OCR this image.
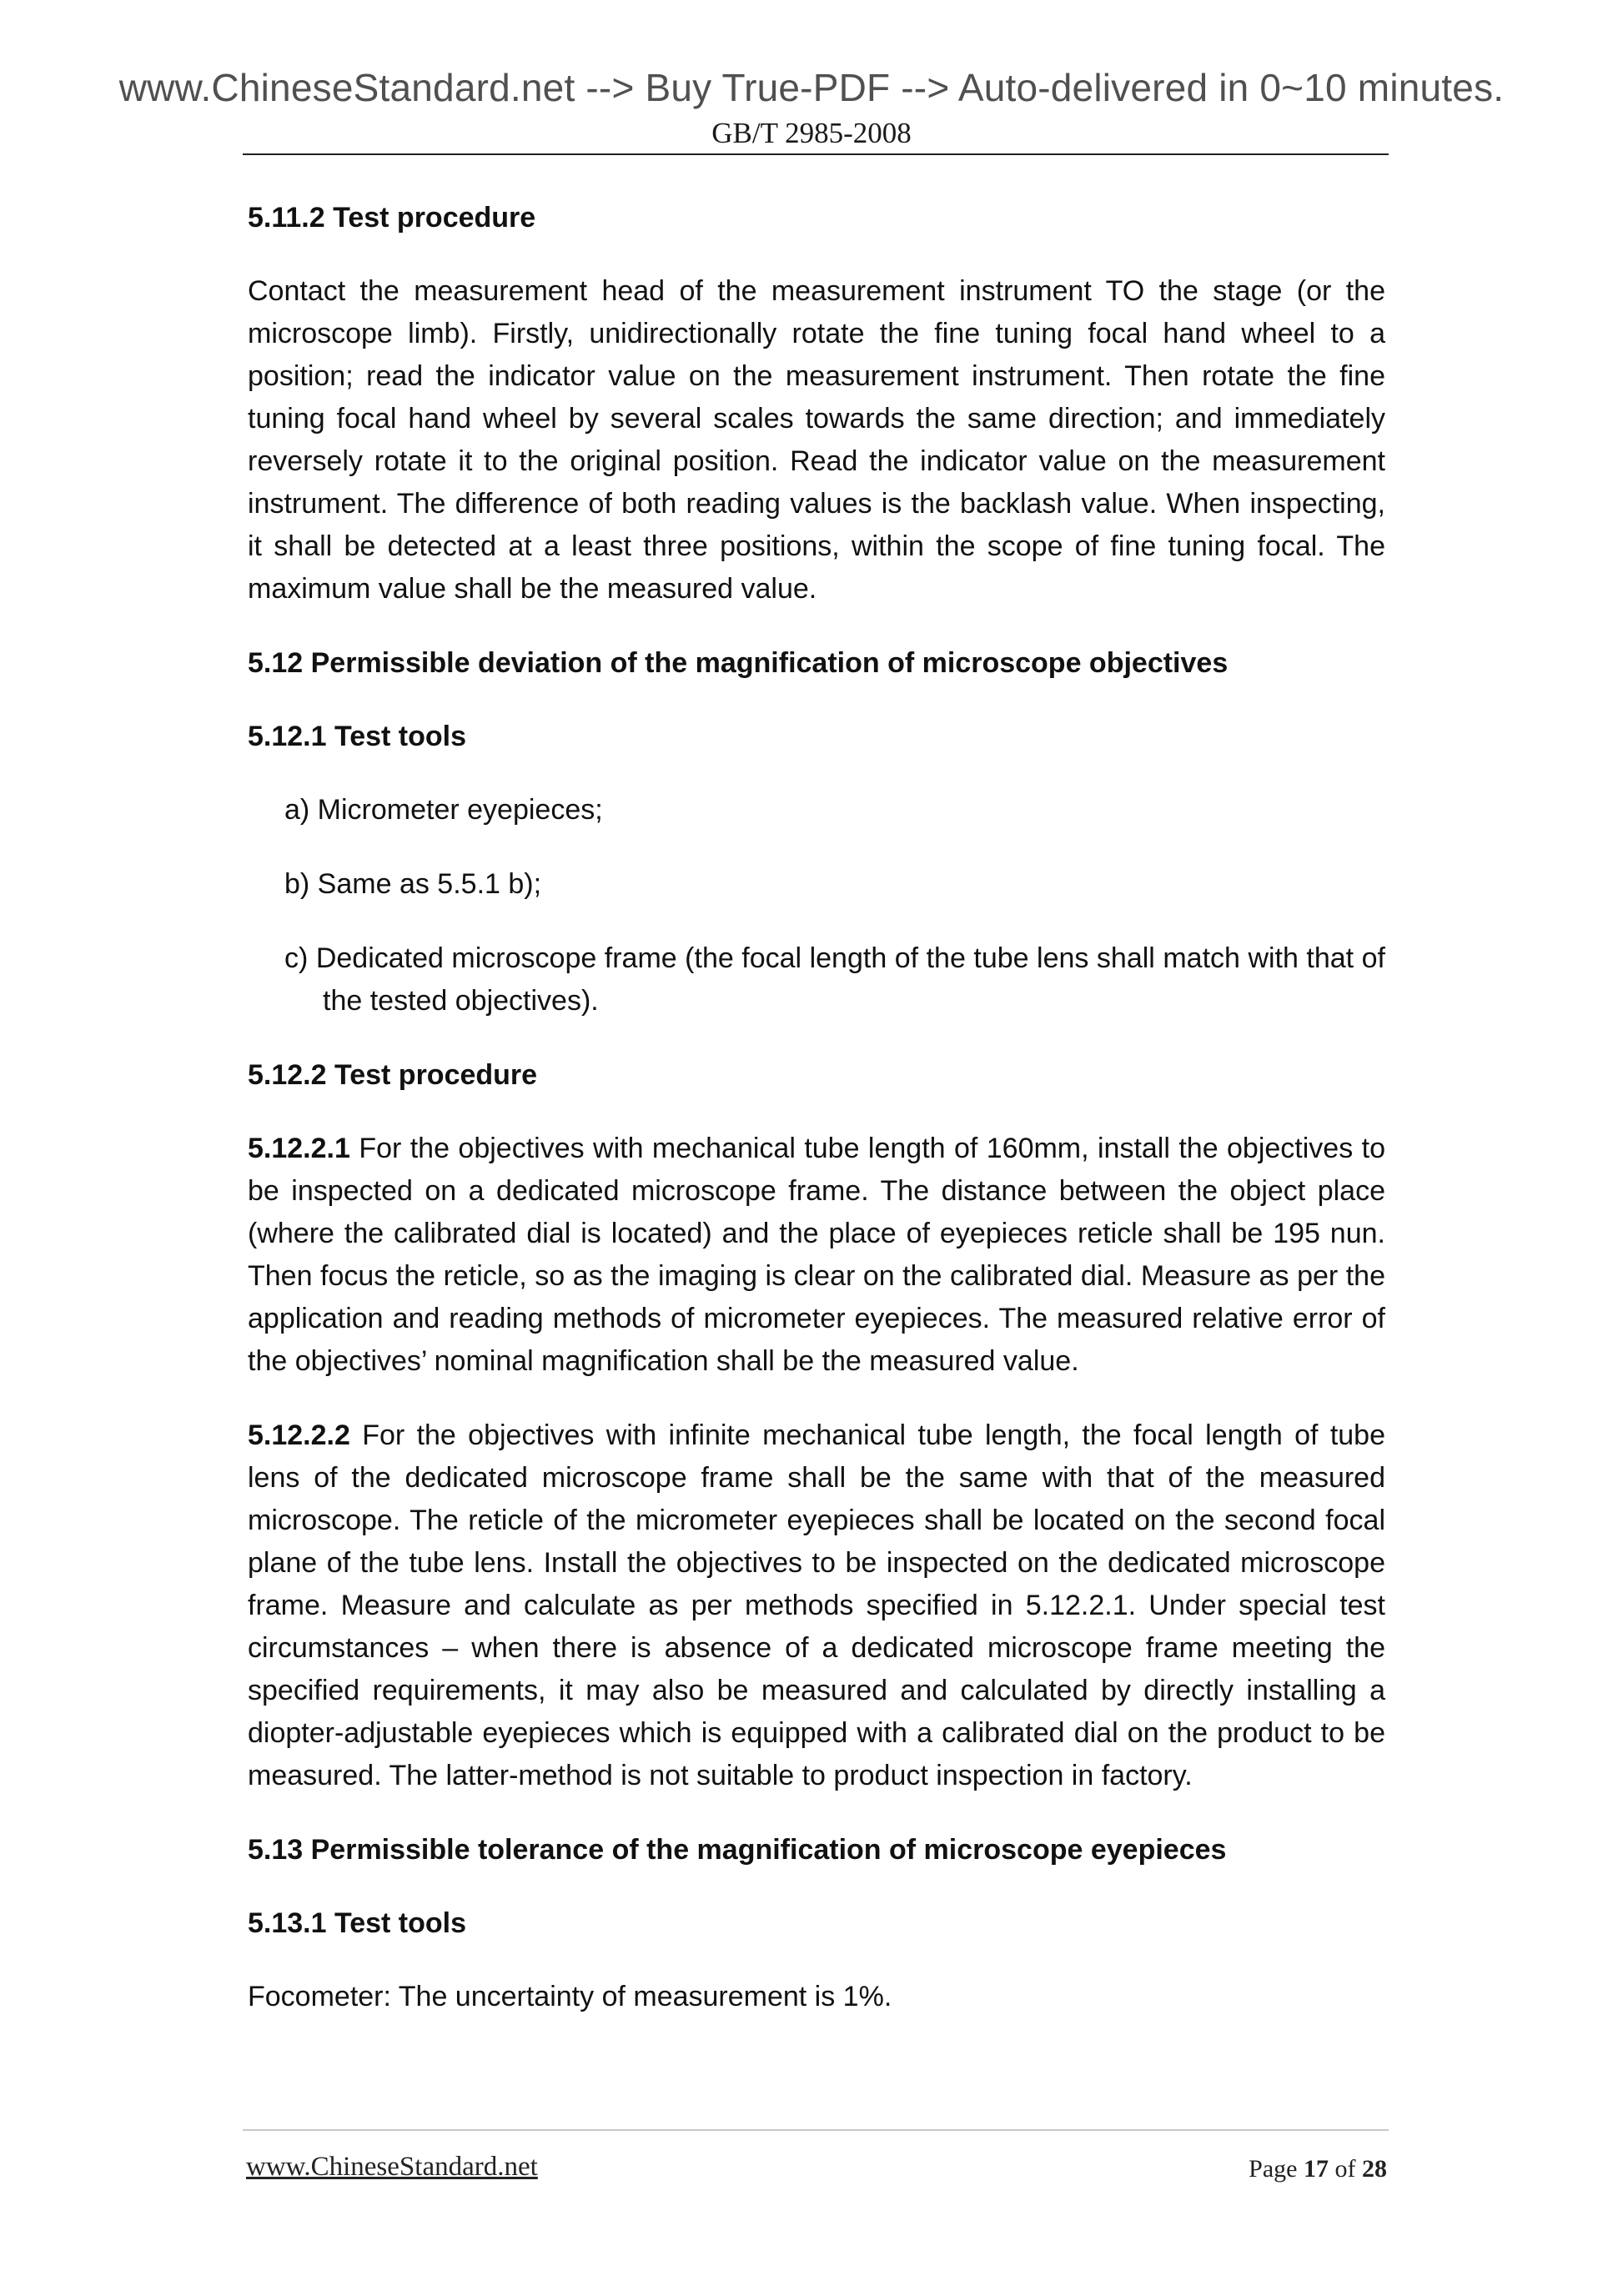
www.ChineseStandard.net --> Buy True-PDF --> Auto-delivered in 0~10 minutes.
GB/T 2985-2008
5.11.2 Test procedure

Contact the measurement head of the measurement instrument TO the stage (or the microscope limb). Firstly, unidirectionally rotate the fine tuning focal hand wheel to a position; read the indicator value on the measurement instrument. Then rotate the fine tuning focal hand wheel by several scales towards the same direction; and immediately reversely rotate it to the original position. Read the indicator value on the measurement instrument. The difference of both reading values is the backlash value. When inspecting, it shall be detected at a least three positions, within the scope of fine tuning focal. The maximum value shall be the measured value.

5.12 Permissible deviation of the magnification of microscope objectives
5.12.1 Test tools
a) Micrometer eyepieces;
b) Same as 5.5.1 b);
c) Dedicated microscope frame (the focal length of the tube lens shall match with that of the tested objectives).
5.12.2 Test procedure

5.12.2.1 For the objectives with mechanical tube length of 160mm, install the objectives to be inspected on a dedicated microscope frame. The distance between the object place (where the calibrated dial is located) and the place of eyepieces reticle shall be 195 nun. Then focus the reticle, so as the imaging is clear on the calibrated dial. Measure as per the application and reading methods of micrometer eyepieces. The measured relative error of the objectives’ nominal magnification shall be the measured value.

5.12.2.2 For the objectives with infinite mechanical tube length, the focal length of tube lens of the dedicated microscope frame shall be the same with that of the measured microscope. The reticle of the micrometer eyepieces shall be located on the second focal plane of the tube lens. Install the objectives to be inspected on the dedicated microscope frame. Measure and calculate as per methods specified in 5.12.2.1. Under special test circumstances – when there is absence of a dedicated microscope frame meeting the specified requirements, it may also be measured and calculated by directly installing a diopter-adjustable eyepieces which is equipped with a calibrated dial on the product to be measured. The latter-method is not suitable to product inspection in factory.

5.13 Permissible tolerance of the magnification of microscope eyepieces
5.13.1 Test tools

Focometer: The uncertainty of measurement is 1%.

www.ChineseStandard.net	Page 17 of 28
